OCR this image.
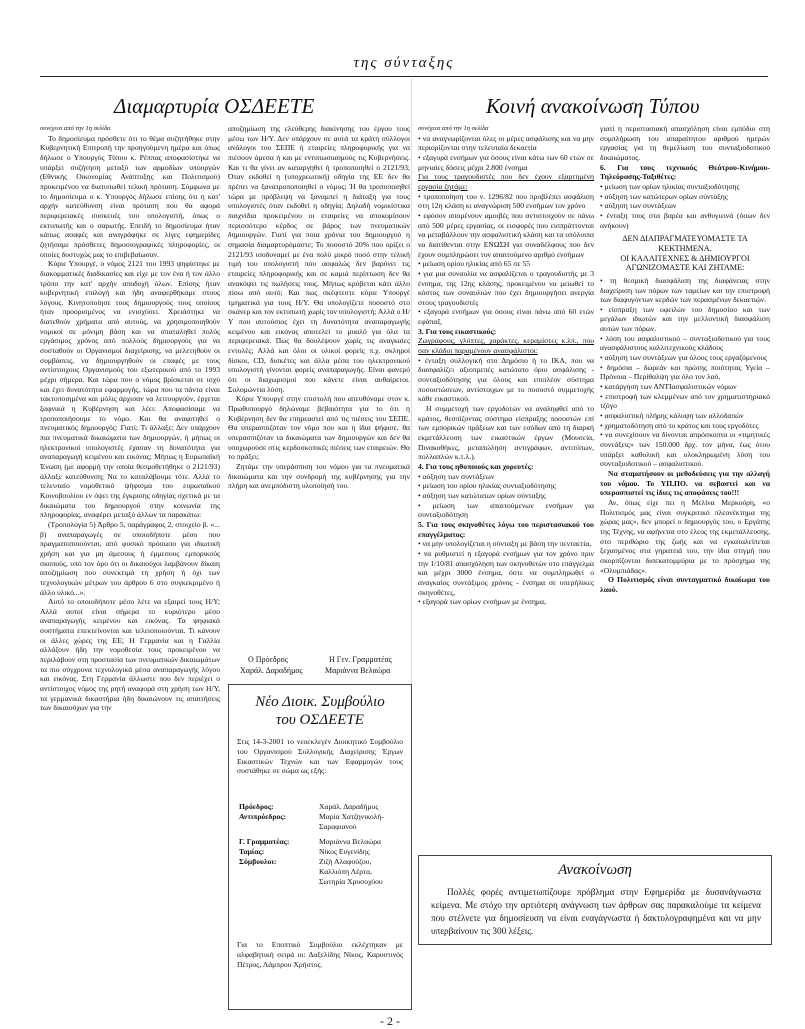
της σύνταξης
Διαμαρτυρία ΟΣΔΕΕΤΕ

συνέχεια από την 1η σελίδα

Το δημοσίευμα πρόσθετε ότι το θέμα συζητήθηκε στην Κυβερνητική Επιτροπή την προηγούμενη ημέρα και όπως δήλωσε ο Υπουργός Τύπου κ. Ρέππας αποφασίστηκε να υπάρξει συζήτηση μεταξύ των αρμοδίων υπουργών (Εθνικής Οικονομίας Ανάπτυξης και Πολιτισμού) προκειμένου να διατυπωθεί τελική πρόταση. Σύμφωνα με το δημοσίευμα ο κ. Υπουργός δήλωσε επίσης ότι η κατ' αρχήν κατεύθυνση είναι πρόταση που θα αφορά περιφερειακές συσκευές του υπολογιστή, όπως ο εκτυπωτής και ο σαρωτής. Επειδή το δημοσίευμα ήταν κάπως ασαφές και αναγράφηκε σε λίγες εφημερίδες ζητήσαμε πρόσθετες δημοσιογραφικές πληροφορίες, οι οποίες δυστυχώς μας το επιβεβαίωσαν.

Κύριε Υπουργέ, ο νόμος 2121 του 1993 ψηφίστηκε με διακομματικές διαδικασίες και είχε με τον ένα ή τον άλλο τρόπο την κατ' αρχήν αποδοχή όλων. Επίσης ήταν κυβερνητική επιλογή και ήδη αναφερθήκαμε στους λόγους. Κινητοποίησε τους δημιουργούς τους οποίους ήταν προορισμένος να ενισχύσει. Χρειάστηκε να διατεθούν χρήματα από αυτούς, να χρησιμοποιηθούν νομικοί σε μόνιμη βάση και να σπαταληθεί πολύς εργάσιμος χρόνος από πολλούς δημιουργούς για να συσταθούν οι Οργανισμοί διαχείρισης, να μελετηθούν οι συμβάσεις, να δημιουργηθούν οι επαφές με τους αντίστοιχους Οργανισμούς του εξωτερικού από το 1993 μέχρι σήμερα. Και τώρα που ο νόμος βρίσκεται σε ισχύ και έχει δυνατότητα εφαρμογής, τώρα που τα πάντα είναι τακτοποιημένα και μόλις άρχισαν να λειτουργούν, έρχεται ξαφνικά η Κυβέρνηση και λέει: Αποφασίσαμε να τροποποιήσουμε το νόμο. Και θα αναφιτηθεί ο πνευματικός δημιουργός: Γιατί; Τι άλλαξε; Δεν υπάρχουν πια πνευματικά δικαιώματα των δημιουργών, ή μήπως οι ηλεκτρονικοί υπολογιστές έχασαν τη δυνατότητα για αναπαραγωγή κειμένου και εικόνας; Μήπως η Ευρωπαϊκή Ένωση (με αφορμή την οποία θεσμοθετήθηκε ο 2121/93) άλλαξε κατεύθυνση; Να το καταλάβουμε τότε. Αλλά το τελευταίο νομοθετικό ψήφισμα του ευρωπαϊκού Κοινοβουλίου εν όψει της έγκρισης οδηγίας σχετικά με τα δικαιώματα του δημιουργού στην κοινωνία της πληροφορίας, αναφέρει μεταξύ άλλων τα παρακάτω:

(Τροπολογία 5) Άρθρο 5, παράγραφος 2, στοιχείο β. «... β) αναπαραγωγές σε οποιοδήποτε μέσο που πραγματοποιούνται, από φυσικό πρόσωπο για ιδιωτική χρήση και για μη άμεσους ή έμμεσους εμπορικούς σκοπούς, υπό τον όρο ότι οι δικαιούχοι λαμβάνουν δίκαιη αποζημίωση που συνεκτιμά τη χρήση ή όχι των τεχνολογικών μέτρων του άρθρου 6 στο συγκεκριμένο ή άλλο υλικό...».

Αυτό το οποιοδήποτε μέσο λέτε να εξαιρεί τους Η/Υ; Αλλά αυτοί είναι σήμερα το κυριότερο μέσο αναπαραγωγής κειμένου και εικόνας. Τα ψηφιακά συστήματα επεκτείνονται και τελειοποιούνται. Τι κάνουν οι άλλες χώρες της ΕΕ; Η Γερμανία και η Γαλλία αλλάζουν ήδη την νομοθεσία τους προκειμένου να περιλάβουν στη προστασία των πνευματικών δικαιωμάτων τα πιο σύγχρονα τεχνολογικά μέσα αναπαραγωγής λόγου και εικόνας. Στη Γερμανία άλλωστε που δεν περιέχει ο αντίστοιχος νόμος της ρητή αναφορά στη χρήση των Η/Υ, τα γερμανικά δικαστήρια ήδη δικαιώνουν τις απαιτήσεις των δικαιούχων για την

αποζημίωση της ελεύθερης διακίνησης του έργου τους μέσω των Η/Υ. Δεν υπάρχουν σε αυτά τα κράτη σύλλογοι ανάλογοι του ΣΕΠΕ ή εταιρείες πληροφορικής για να πιέσουν άμεσα ή και με εντυπωσιασμούς τις Κυβερνήσεις. Και τι θα γίνει αν καταργηθεί ή τροποποιηθεί ο 2121/93; Όταν εκδοθεί η (υποχρεωτική) οδηγία της ΕΕ δεν θα πρέπει να ξανατροποποιηθεί ο νόμος; Ή θα τροποποιηθεί τώρα με πρόβλεψη να ξαναμπεί η διάταξη για τους υπολογιστές όταν εκδοθεί η οδηγία; Δηλαδή νομικίστικα παιχνίδια προκειμένου οι εταιρείες να αποκομίσουν περισσότερο κέρδος σε βάρος των πνευματικών δημιουργών. Γιατί για ποια χρόνια του δημιουργού η σημασία διαμαρτυρόμαστε; Το ποσοστό 20% που ορίζει ο 2121/93 ισοδυναμεί με ένα πολύ μικρό ποσό στην τελική τιμή του υπολογιστή που ασφαλώς δεν βαρύνει τις εταιρείες πληροφορικής και σε καμιά περίπτωση δεν θα ανακόψει τις πωλήσεις τους. Μήπως κρύβεται κάτι άλλο πίσω από αυτό; Και πως σκέφτεστε κύριε Υπουργέ τμηματικά για τους Η/Υ. Θα υπολογίζετε ποσοστό στο σκάνερ και τον εκτυπωτή χωρίς τον υπολογιστή; Αλλά ο Η/Υ που αυτούσιος έχει τη δυνατότητα αναπαραγωγής κειμένου και εικόνας αποτελεί το μυαλό για όλα τα περιφερειακά. Πως θα δουλέψουν χωρίς τις αναγκαίες εντολές; Αλλά και όλοι οι υλικοί φορείς π.χ. σκληροί δίσκοι, CD, δισκέτες και άλλα μέσα του ηλεκτρονικού υπολογιστή γίνονται φορείς αναπαραγωγής. Είναι φανερό ότι οι διαχωρισμοί που κάνετε είναι αυθαίρετοι. Σολομώντια λύση.

Κύριε Υπουργέ στην επιστολή που απευθύναμε στον κ. Πρωθυπουργό δηλώναμε βεβαιότητα για το ότι η Κυβέρνηση δεν θα επηρεαστεί από τις πιέσεις του ΣΕΠΕ. Θα υπερασπιζόταν τον νόμο που και η ίδια ψήφισε, θα υπερασπιζόταν τα δικαιώματα των δημιουργών και δεν θα υποχωρούσε στις κερδοσκοπικές πιέσεις των εταιρειών. Θα το πράξει;

Ζητάμε την υπεράσπιση του νόμου για τα πνευματικά δικαιώματα και την συνδρομή της κυβέρνησης για την πλήρη και ανεμπόδιστη υλοποίησή του.

Ο Πρόεδρος
Χαράλ. Δαραδήμος
Η Γεν. Γραμματέας
Μαριάννα Βελαώρα
Νέο Διοικ. Συμβούλιο
του ΟΣΔΕΕΤΕ
Στις 14-3-2001 το νεοεκλεγέν Διοικητικό Συμβούλιο του Οργανισμού Συλλογικής Διαχείρισης Έργων Εικαστικών Τεχνών και των Εφαρμογών τους συστάθηκε σε σώμα ως εξής:
Πρόεδρος:	Χαράλ. Δαραδήμος
Αντιπρόεδρος:	Μαρία Χατζηνικολή-
	Σαραφιανού
Γ. Γραμματέας:	Μαριάννα Βελαώρα
Ταμίας:	Νίκος Ευγενίδης
Σύμβουλοι:	Ζιζή Αλαφούζου,
	Καλλιόπη Λέρτα,
	Σωτηρία Χρυσοχόου
Για το Εποπτικό Συμβούλιο εκλέχτηκαν με αλφαβητική σειρά οι: Δαξελίδης Νίκος, Καρυστινός Πέτρος, Λάμπρου Χρήστος.
Κοινή ανακοίνωση Τύπου

συνέχεια από την 1η σελίδα

• να αναγνωρίζονται όλες οι μέρες ασφάλισης και να μην περιορίζονται στην τελευταία δεκαετία

• εξαγορά ενσήμων για όσους είναι κάτω των 60 ετών σε μηνιαίες δόσεις μέχρι 2.800 ένσημα

Για τους τραγουδιστές που δεν έχουν εξαρτημένη εργασία ζητάμε:

• τροποποίηση του ν. 1296/82 που προβλέπει ασφάλιση στη 12η κλάση κι αναγνώριση 500 ενσήμων τον χρόνο

• εφόσον απομένουν αμοιβές που αντιστοιχούν σε πάνω από 500 μέρες εργασίας, οι εισφορές που εισπράττονται να μεταβάλλουν την ασφαλιστική κλάση και τα υπόλοιπα να διατίθενται στην ΕΝΩΣΗ για συναδέλφους που δεν έχουν συμπληρώσει τον απαιτούμενο αριθμό ενσήμων

• μείωση ορίου ηλικίας από 65 σε 55

• για μια συναυλία να ασφαλίζεται ο τραγουδιστής με 3 ένσημα, της 12ης κλάσης, προκειμένου να μειωθεί το κόστος των συναυλιών που έχει δημιουργήσει ανεργία στους τραγουδιστές

• εξαγορά ενσήμων για όσους είναι πάνω από 60 ετών εφάπαξ.

3. Για τους εικαστικούς:

Ζωγράφους, γλύπτες, χαράκτες, κεραμίστες κ.λπ., που σαν κλάδοι παραμένουν ανασφάλιστοι:

• ένταξη συλλογική στο Δημόσιο ή το ΙΚΑ, που να διασφαλίζει αξιοπρεπές κατώτατο όριο ασφάλισης - συνταξιοδότησης για όλους και επιπλέον σύστημα ποσοστώσεων, αντίστοιχων με το ποσοστό συμμετοχής κάθε εικαστικού.

Η συμμετοχή των εργοδοτών να αναληφθεί από το κράτος, θεσπίζοντας σύστημα είσπραξης ποσοστών επί των εμπορικών πράξεων και των εσόδων από τη διαρκή εκμετάλλευση των εικαστικών έργων (Μουσεία, Πινακοθήκες, μεταπώληση αντιγράφων, αντιτύπων, πολλαπλών κ.τ.λ.).

4. Για τους ηθοποιούς και χορευτές:

• αύξηση των συντάξεων

• μείωση του ορίου ηλικίας συνταξιοδότησης

• αύξηση των κατώτατων ορίων σύνταξης

• μείωση των απαιτούμενων ενσήμων για συνταξιοδότηση

5. Για τους σκηνοθέτες λόγω του περιστασιακού του επαγγέλματος:

• να μην υπολογίζεται η σύνταξη με βάση την πενταετία,

• να ρυθμιστεί η εξαγορά ενσήμων για τον χρόνο πριν την 1/10/81 απασχόληση των σκηνοθετών στο επάγγελμα και μέχρι 3000 ένσημα, όστε να συμπληρωθεί ο αναγκαίος συντάξιμος χρόνος - ένσημα σε υπερήλικες σκηνοθέτες,

• εξαγορά των ορίων ενσήμων με ένσημα,

γιατί η περιστασιακή απασχόληση είναι εμπόδιο στη συμπλήρωση του απαραίτητου αριθμού ημερών εργασίας για τη θεμελίωση του συνταξιοδοτικού δικαιώματος.

6. Για τους τεχνικούς Θεάτρου-Κινήμου-Τηλεόρασης-Ταξιθέτες:

• μείωση των ορίων ηλικίας συνταξιοδότησης

• αύξηση των κατώτερων ορίων σύνταξης

• αύξηση των συντάξεων

• ένταξη τους στα βαρέα και ανθυγιεινά (όσων δεν ανήκουν)

ΔΕΝ ΔΙΑΠΡΑΓΜΑΤΕΥΟΜΑΣΤΕ ΤΑ ΚΕΚΤΗΜΕΝΑ.

ΟΙ ΚΑΛΛΙΤΕΧΝΕΣ & ΔΗΜΙΟΥΡΓΟΙ ΑΓΩΝΙΖΟΜΑΣΤΕ ΚΑΙ ΖΗΤΑΜΕ:

• τη θεσμική διασφάλιση της διαφάνειας στην διαχείριση των πόρων των ταμείων και την επιστροφή των διαφυγόντων κερδών των περασμένων δεκαετιών.

• είσπραξη των οφειλών του δημοσίου και των μεγάλων ιδιωτών και την μελλοντική διασφάλιση αυτών των πόρων.

• λύση του ασφαλιστικού – συνταξιοδοτικού για τους ανασφάλιστους καλλιτεχνικούς κλάδους

• αύξηση των συντάξεων για όλους τους εργαζόμενους

• δημόσια – δωρεάν και πρώτης ποιότητας Υγεία – Πρόνοια – Περίθαλψη για όλο τον λαό,

• κατάργηση των ΑΝΤΙασφαλιστικών νόμων

• επιστροφή των κλεμμένων από τον χρηματιστηριακό τζόγο

• ασφαλιστική πλήρης κάλυψη των αλλοδαπών

• χρηματοδότηση από το κράτος και τους εργοδότες

• να συνεχίσουν να δίνονται απρόσκοπτα οι «τιμητικές συντάξεις» των 150.000 δρχ. τον μήνα, έως ότου υπάρξει καθολική και ολοκληρωμένη λύση του συνταξιοδοτικού – ασφαλιστικού.

Να σταματήσουν οι μεθοδεύσεις για την αλλαγή του νόμου. Το ΥΠ.ΠΟ. να σεβαστεί και να υπερασπιστεί τις ίδιες τις αποφάσεις του!!!

Αν, όπως είχε πει η Μελίνα Μερκούρη, «ο Πολιτισμός μας είναι συγκριτικό πλεονέκτημα της χώρας μας», δεν μπορεί ο δημιουργός του, ο Εργάτης της Τέχνης, να αφήνεται στο έλεος της εκμετάλλευσης, στο περιθώριο της ζωής και να εγκαταλείπεται ξεχασμένος στα γηρατειά του, την ίδια στιγμή που σκορπίζονται δισεκατομμύρια με το πρόσχημα της «Ολυμπιάδας».

Ο Πολιτισμός είναι συνταγματικό δικαίωμα του λαού.

Ανακοίνωση
Πολλές φορές αντιμετωπίζουμε πρόβλημα στην Εφημερίδα με δυσανάγνωστα κείμενα. Με στόχο την αρτιότερη ανάγνωση των άρθρων σας παρακαλούμε τα κείμενα που στέλνετε για δημοσίευση να είναι εναγάγνωστα ή δακτυλογραφημένα και να μην υπερβαίνουν τις 300 λέξεις.
- 2 -
